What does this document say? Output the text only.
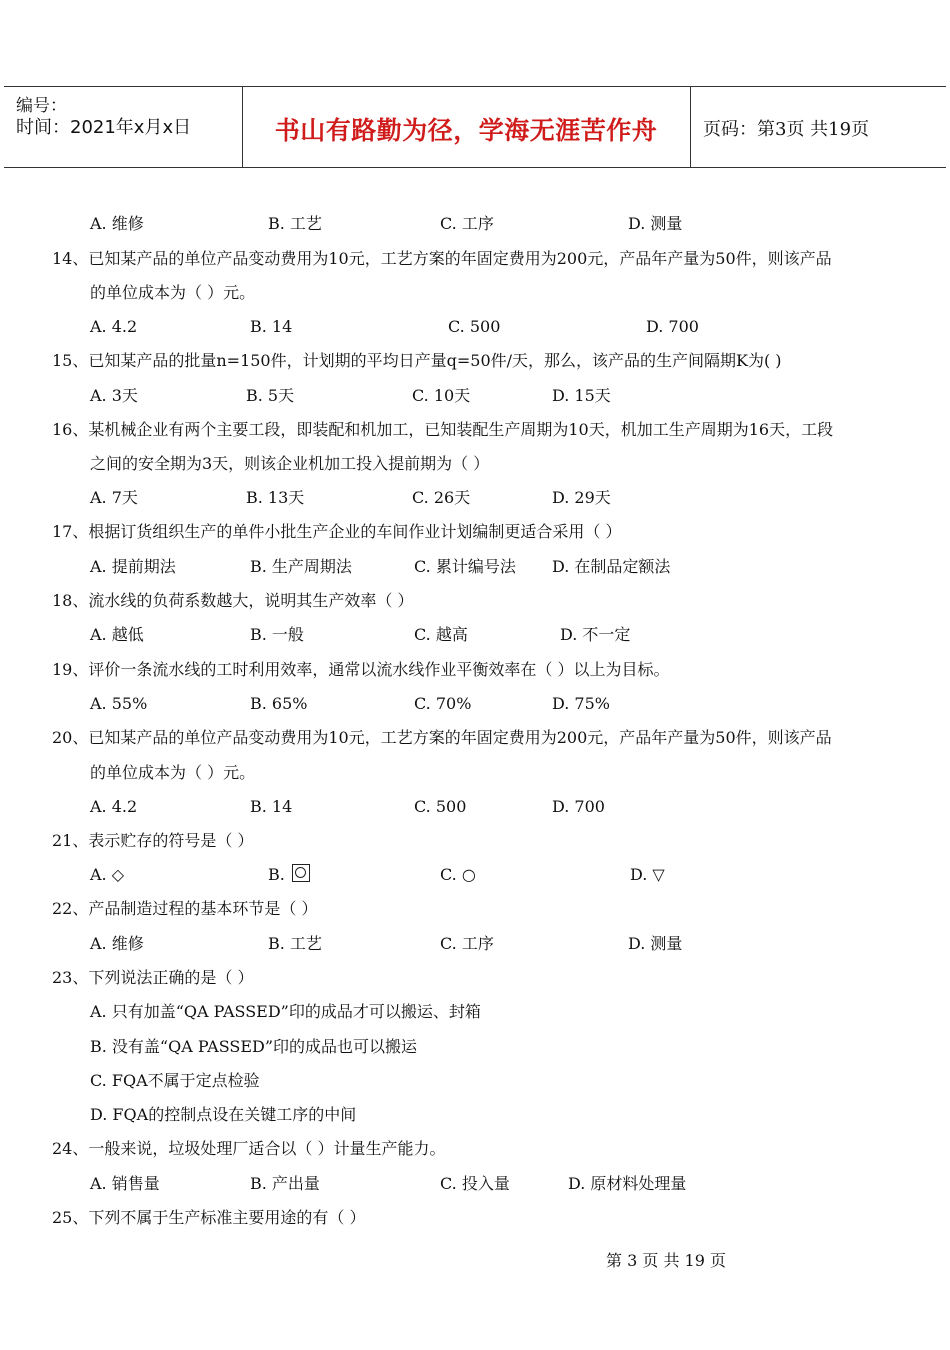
编号：
时间：2021年x月x日	书山有路勤为径，学海无涯苦作舟	页码：第3页 共19页
A. 维修	B. 工艺	C. 工序	D. 测量
14、已知某产品的单位产品变动费用为10元，工艺方案的年固定费用为200元，产品年产量为50件，则该产品
的单位成本为（ ）元。
A. 4.2	B. 14	C. 500	D. 700
15、已知某产品的批量n=150件，计划期的平均日产量q=50件/天，那么，该产品的生产间隔期K为( )
A. 3天	B. 5天	C. 10天	D. 15天
16、某机械企业有两个主要工段，即装配和机加工，已知装配生产周期为10天，机加工生产周期为16天，工段
之间的安全期为3天，则该企业机加工投入提前期为（ ）
A. 7天	B. 13天	C. 26天	D. 29天
17、根据订货组织生产的单件小批生产企业的车间作业计划编制更适合采用（ ）
A. 提前期法	B. 生产周期法	C. 累计编号法 D. 在制品定额法
18、流水线的负荷系数越大，说明其生产效率（ ）
A. 越低	B. 一般	C. 越高	D. 不一定
19、评价一条流水线的工时利用效率，通常以流水线作业平衡效率在（ ）以上为目标。
A. 55%	B. 65%	C. 70%	D. 75%
20、已知某产品的单位产品变动费用为10元，工艺方案的年固定费用为200元，产品年产量为50件，则该产品
的单位成本为（ ）元。
A. 4.2	B. 14	C. 500	D. 700
21、表示贮存的符号是（ ）
A. ◇	B.	C. ○	D. ▽
22、产品制造过程的基本环节是（ ）
A. 维修	B. 工艺	C. 工序	D. 测量
23、下列说法正确的是（ ）
A. 只有加盖“QA PASSED”印的成品才可以搬运、封箱
B. 没有盖“QA PASSED”印的成品也可以搬运
C. FQA不属于定点检验
D. FQA的控制点设在关键工序的中间
24、一般来说，垃圾处理厂适合以（ ）计量生产能力。
A. 销售量	B. 产出量	C. 投入量	D. 原材料处理量
25、下列不属于生产标准主要用途的有（ ）
第 3 页 共 19 页
